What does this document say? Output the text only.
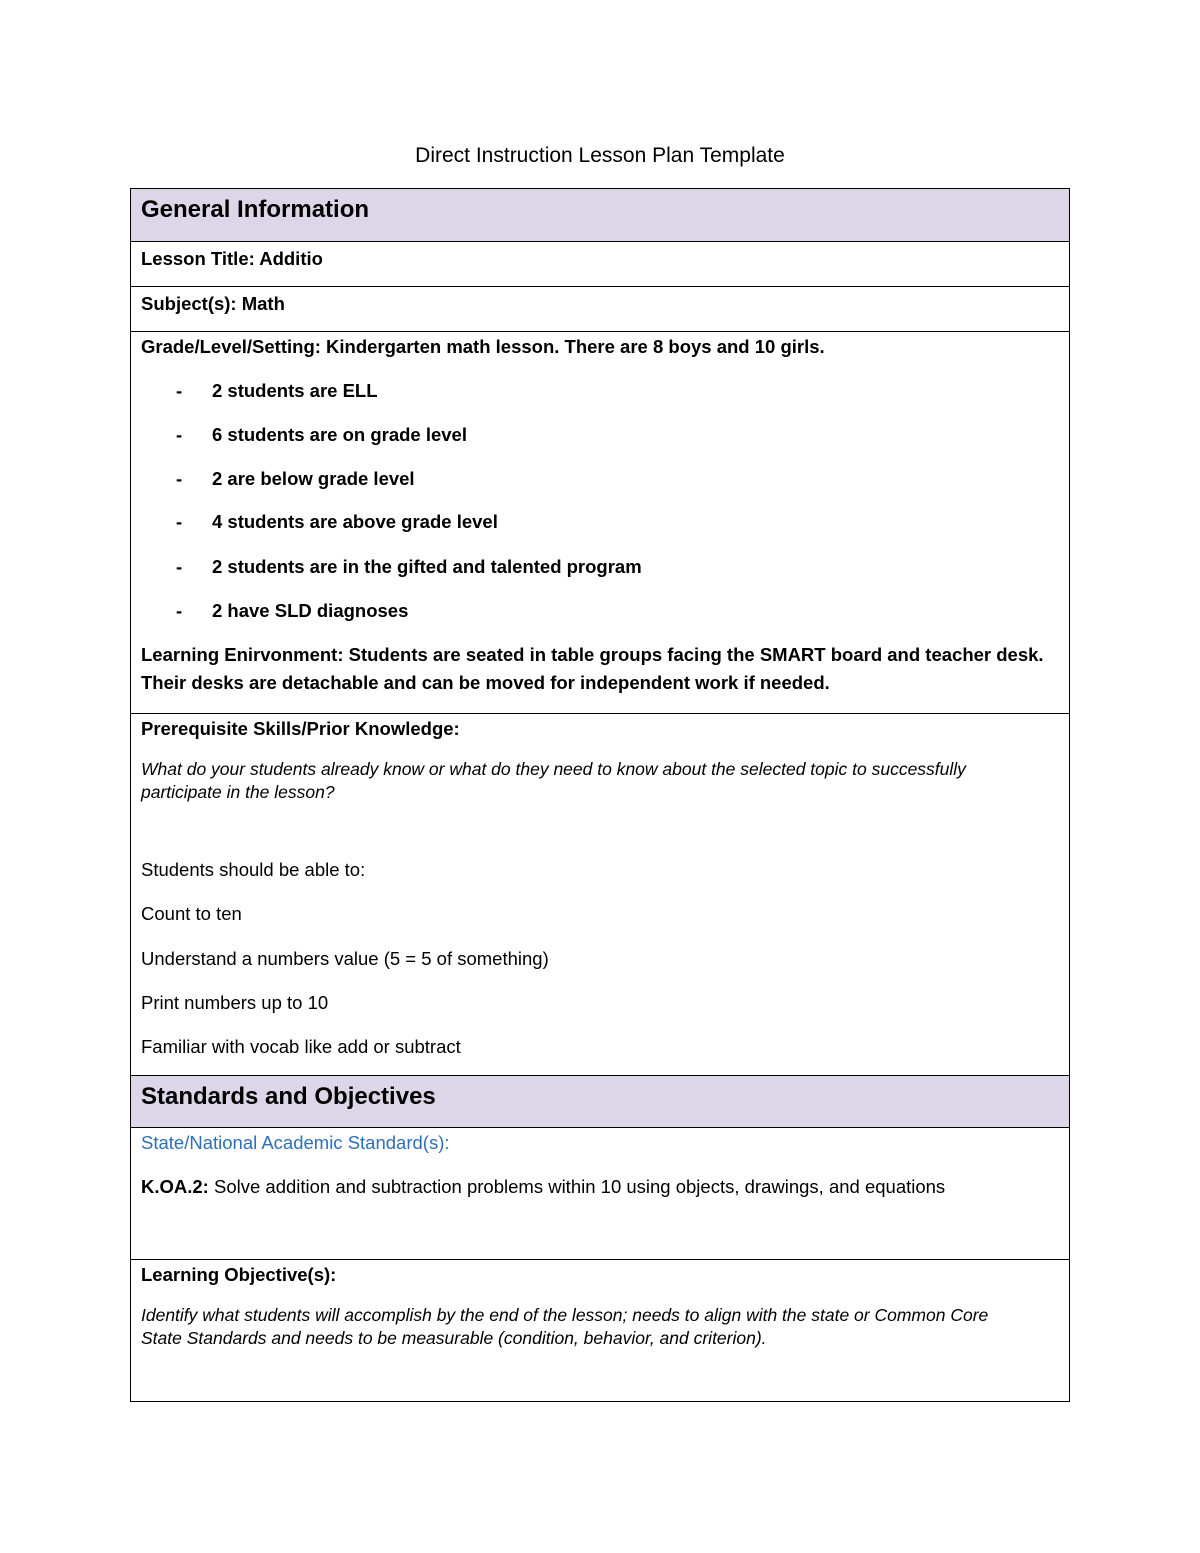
Direct Instruction Lesson Plan Template
General Information
Lesson Title: Additio
Subject(s): Math
Grade/Level/Setting: Kindergarten math lesson. There are 8 boys and 10 girls.
- 2 students are ELL
- 6 students are on grade level
- 2 are below grade level
- 4 students are above grade level
- 2 students are in the gifted and talented program
- 2 have SLD diagnoses
Learning Enirvonment: Students are seated in table groups facing the SMART board and teacher desk.
Their desks are detachable and can be moved for independent work if needed.
Prerequisite Skills/Prior Knowledge:
What do your students already know or what do they need to know about the selected topic to successfully participate in the lesson?
Students should be able to:
Count to ten
Understand a numbers value (5 = 5 of something)
Print numbers up to 10
Familiar with vocab like add or subtract
Standards and Objectives
State/National Academic Standard(s):
K.OA.2: Solve addition and subtraction problems within 10 using objects, drawings, and equations
Learning Objective(s):
Identify what students will accomplish by the end of the lesson; needs to align with the state or Common Core State Standards and needs to be measurable (condition, behavior, and criterion).
